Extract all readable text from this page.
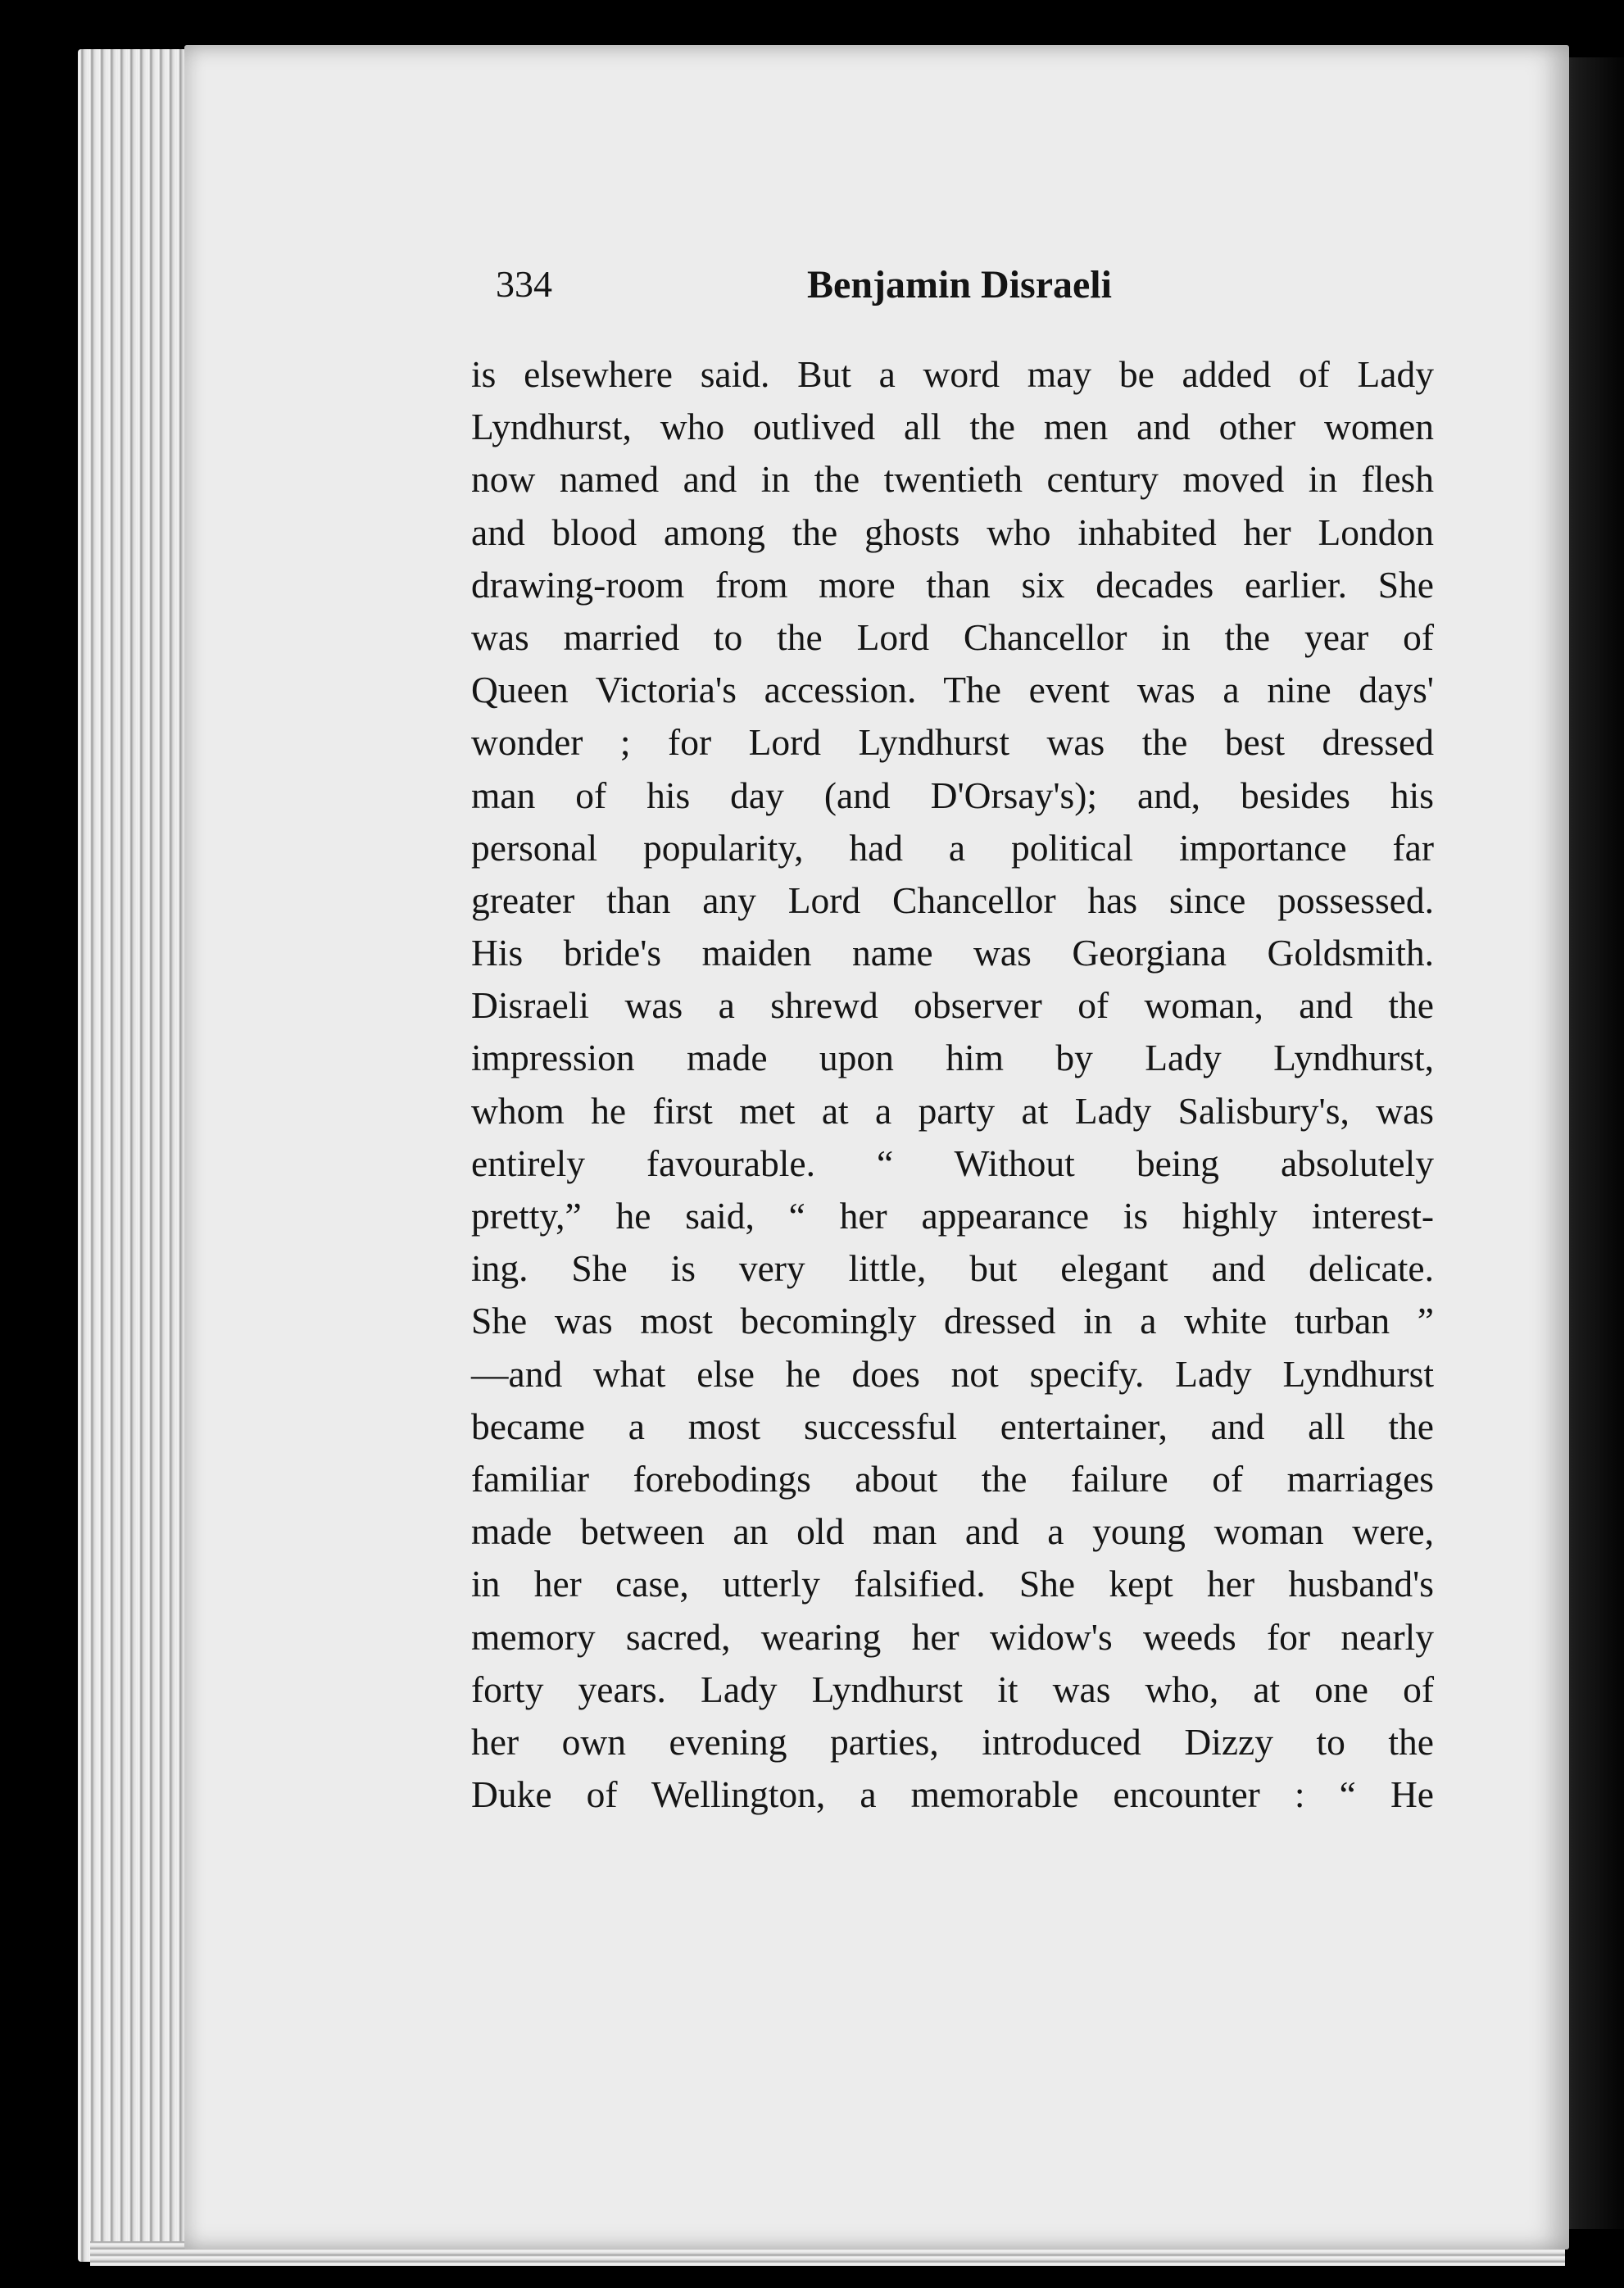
334	Benjamin Disraeli
is elsewhere said. But a word may be added of Lady
Lyndhurst, who outlived all the men and other women
now named and in the twentieth century moved in flesh
and blood among the ghosts who inhabited her London
drawing-room from more than six decades earlier. She
was married to the Lord Chancellor in the year of
Queen Victoria's accession. The event was a nine days'
wonder ; for Lord Lyndhurst was the best dressed
man of his day (and D'Orsay's); and, besides his
personal popularity, had a political importance far
greater than any Lord Chancellor has since possessed.
His bride's maiden name was Georgiana Goldsmith.
Disraeli was a shrewd observer of woman, and the
impression made upon him by Lady Lyndhurst,
whom he first met at a party at Lady Salisbury's, was
entirely favourable. “ Without being absolutely
pretty,” he said, “ her appearance is highly interest-
ing. She is very little, but elegant and delicate.
She was most becomingly dressed in a white turban ”
—and what else he does not specify. Lady Lyndhurst
became a most successful entertainer, and all the
familiar forebodings about the failure of marriages
made between an old man and a young woman were,
in her case, utterly falsified. She kept her husband's
memory sacred, wearing her widow's weeds for nearly
forty years. Lady Lyndhurst it was who, at one of
her own evening parties, introduced Dizzy to the
Duke of Wellington, a memorable encounter : “ He
